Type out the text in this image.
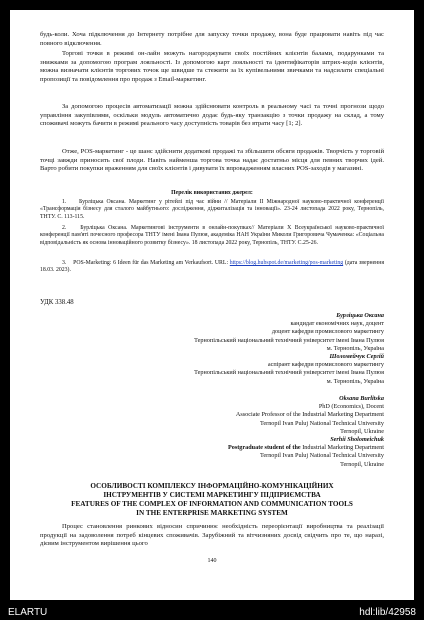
будь-коли. Хоча підключення до Інтернету потрібне для запуску точки продажу, вона буде працювати навіть під час повного відключення.

Торгові точки в режимі он-лайн можуть нагороджувати своїх постійних клієнтів балами, подарунками та знижками за допомогою програм лояльності. Із допомогою карт лояльності та ідентифікаторів штрих-кодів клієнтів, можна визначати клієнтів торгових точок ще швидше та стежити за їх купівельними звичками та надсилати спеціальні пропозиції та повідомлення про продаж з Email-маркетинг.

За допомогою процесів автоматизації можна здійснювати контроль в реальному часі та точні прогнози щодо управління закупівлями, оскільки модуль автоматично додає будь-яку транзакцію з точки продажу на склад, а тому споживачі можуть бачити в режимі реального часу доступність товарів без втрати часу [1; 2].

Отже, POS-маркетинг - це шанс здійснити додаткові продажі та збільшити обсяги продажів. Творчість у торговій точці завжди приносить свої плоди. Навіть найменша торгова точка надає достатньо місця для певних творчих ідей. Варто робити покупки враженням для своїх клієнтів і дивувати їх впровадженням власних POS-заходів у магазині.

Перелік використаних джерел:

1.    Бурліцька Оксана. Маркетинг у рітейлі під час війни // Матеріали II Міжнародної науково-практичної конференції «Трансформація бізнесу для сталого майбутнього: дослідження, діджиталізація та інновації». 23-24 листопада 2022 року, Тернопіль, ТНТУ. С. 113-115.

2.    Бурліцька Оксана. Маркетингові інструменти в онлайн-покупках// Матеріали Х Всеукраїнської науково-практичної конференції пам'яті почесного професора ТНТУ імені Івана Пулюя, академіка НАН України Миколи Григоровича Чумаченка: «Соціальна відповідальність як основа інноваційного розвитку бізнесу». 18 листопада 2022 року, Тернопіль, ТНТУ. С.25-26.

3.    POS-Marketing: 6 Ideen für das Marketing am Verkaufsort. URL: https://blog.hubspot.de/marketing/pos-marketing (дата звернення 18.03. 2023).

УДК 338.48
Бурліцька Оксана
кандидат економічних наук, доцент
доцент кафедри промислового маркетингу
Тернопільський національний технічний університет імені Івана Пулюя
м. Тернопіль, Україна
Шоломейчук Сергій
аспірант кафедри промислового маркетингу
Тернопільський національний технічний університет імені Івана Пулюя
м. Тернопіль, Україна
Oksana Burlitska
PhD (Economics), Docent
Associate Professor of the Industrial Marketing Department
Ternopil Ivan Puluj National Technical University
Ternopil, Ukraine
Serhii Sholomeichuk
Postgraduate student of the Industrial Marketing Department
Ternopil Ivan Puluj National Technical University
Ternopil, Ukraine
ОСОБЛИВОСТІ КОМПЛЕКСУ ІНФОРМАЦІЙНО-КОМУНІКАЦІЙНИХ
ІНСТРУМЕНТІВ У СИСТЕМІ МАРКЕТИНГУ ПІДПРИЄМСТВА
FEATURES OF THE COMPLEX OF INFORMATION AND COMMUNICATION TOOLS
IN THE ENTERPRISE MARKETING SYSTEM

Процес становлення ринкових відносин спричинює необхідність переорієнтації виробництва та реалізації продукції на задоволення потреб кінцевих споживачів. Зарубіжний та вітчизняних досвід свідчить про те, що наразі, дієвим інструментом вирішення цього

140
ELARTU	hdl:lib/42958
